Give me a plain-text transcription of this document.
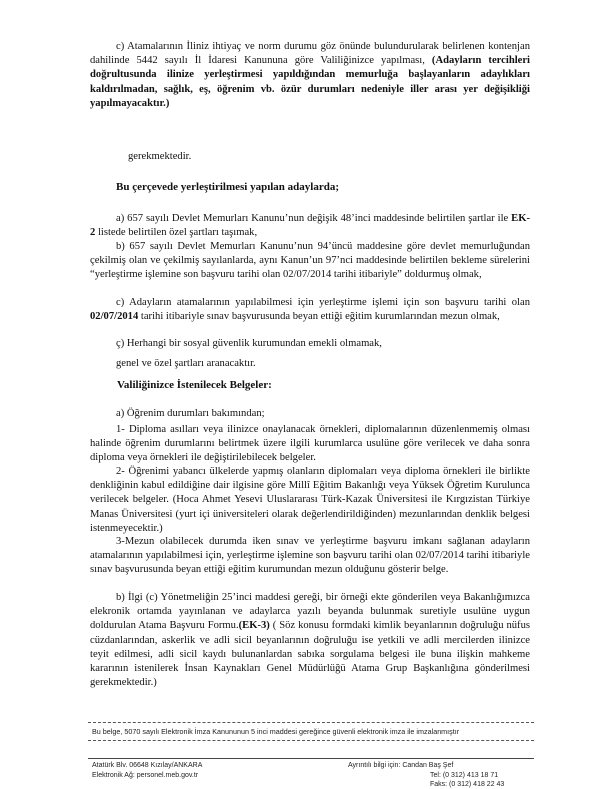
c) Atamalarının İliniz ihtiyaç ve norm durumu göz önünde bulundurularak belirlenen kontenjan dahilinde 5442 sayılı İl İdaresi Kanununa göre Valiliğinizce yapılması, (Adayların tercihleri doğrultusunda ilinize yerleştirmesi yapıldığından memurluğa başlayanların adaylıkları kaldırılmadan, sağlık, eş, öğrenim vb. özür durumları nedeniyle iller arası yer değişikliği yapılmayacaktır.)

gerekmektedir.

Bu çerçevede yerleştirilmesi yapılan adaylarda;

a) 657 sayılı Devlet Memurları Kanunu’nun değişik 48’inci maddesinde belirtilen şartlar ile EK-2 listede belirtilen özel şartları taşımak,

b) 657 sayılı Devlet Memurları Kanunu’nun 94’üncü maddesine göre devlet memurluğundan çekilmiş olan ve çekilmiş sayılanlarda, aynı Kanun’un 97’nci maddesinde belirtilen bekleme sürelerini “yerleştirme işlemine son başvuru tarihi olan 02/07/2014 tarihi itibariyle” doldurmuş olmak,

c) Adayların atamalarının yapılabilmesi için yerleştirme işlemi için son başvuru tarihi olan 02/07/2014 tarihi itibariyle sınav başvurusunda beyan ettiği eğitim kurumlarından mezun olmak,

ç) Herhangi bir sosyal güvenlik kurumundan emekli olmamak,

genel ve özel şartları aranacaktır.

Valiliğinizce İstenilecek Belgeler:

a) Öğrenim durumları bakımından;

1- Diploma asılları veya ilinizce onaylanacak örnekleri, diplomalarının düzenlenmemiş olması halinde öğrenim durumlarını belirtmek üzere ilgili kurumlarca usulüne göre verilecek ve daha sonra diploma veya örnekleri ile değiştirilebilecek belgeler.

2- Öğrenimi yabancı ülkelerde yapmış olanların diplomaları veya diploma örnekleri ile birlikte denkliğinin kabul edildiğine dair ilgisine göre Millî Eğitim Bakanlığı veya Yüksek Öğretim Kurulunca verilecek belgeler. (Hoca Ahmet Yesevi Uluslararası Türk-Kazak Üniversitesi ile Kırgızistan Türkiye Manas Üniversitesi (yurt içi üniversiteleri olarak değerlendirildiğinden) mezunlarından denklik belgesi istenmeyecektir.)

3-Mezun olabilecek durumda iken sınav ve yerleştirme başvuru imkanı sağlanan adayların atamalarının yapılabilmesi için, yerleştirme işlemine son başvuru tarihi olan 02/07/2014 tarihi itibariyle sınav başvurusunda beyan ettiği eğitim kurumundan mezun olduğunu gösterir belge.

b) İlgi (c) Yönetmeliğin 25’inci maddesi gereği, bir örneği ekte gönderilen veya Bakanlığımızca elekronik ortamda yayınlanan ve adaylarca yazılı beyanda bulunmak suretiyle usulüne uygun doldurulan Atama Başvuru Formu.(EK-3) ( Söz konusu formdaki kimlik beyanlarının doğruluğu nüfus cüzdanlarından, askerlik ve adli sicil beyanlarının doğruluğu ise yetkili ve adli mercilerden ilinizce teyit edilmesi, adli sicil kaydı bulunanlardan sabıka sorgulama belgesi ile buna ilişkin mahkeme kararının istenilerek İnsan Kaynakları Genel Müdürlüğü Atama Grup Başkanlığına gönderilmesi gerekmektedir.)

Bu belge, 5070 sayılı Elektronik İmza Kanununun 5 inci maddesi gereğince güvenli elektronik imza ile imzalanmıştır

Atatürk Blv. 06648 Kızılay/ANKARA

Elektronik Ağ: personel.meb.gov.tr

Ayrıntılı bilgi için: Candan Baş Şef

Tel: (0 312) 413 18 71

Faks: (0 312) 418 22 43
